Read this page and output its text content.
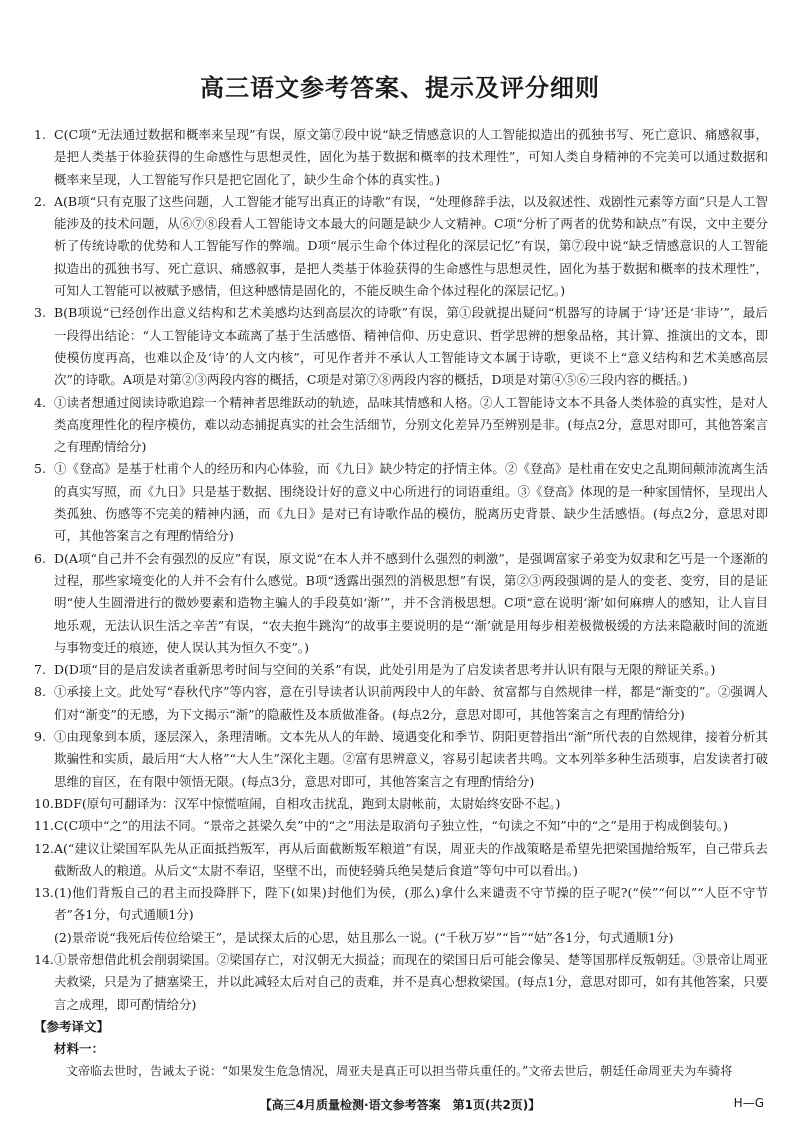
高三语文参考答案、提示及评分细则
1. C(C项“无法通过数据和概率来呈现”有误，原文第⑦段中说“缺乏情感意识的人工智能拟造出的孤独书写、死亡意识、痛感叙事，是把人类基于体验获得的生命感性与思想灵性，固化为基于数据和概率的技术理性”，可知人类自身精神的不完美可以通过数据和概率来呈现，人工智能写作只是把它固化了，缺少生命个体的真实性。)
2. A(B项“只有克服了这些问题，人工智能才能写出真正的诗歌”有误，“处理修辞手法，以及叙述性、戏剧性元素等方面”只是人工智能涉及的技术问题，从⑥⑦⑧段看人工智能诗文本最大的问题是缺少人文精神。C项“分析了两者的优势和缺点”有误，文中主要分析了传统诗歌的优势和人工智能写作的弊端。D项“展示生命个体过程化的深层记忆”有误，第⑦段中说“缺乏情感意识的人工智能拟造出的孤独书写、死亡意识、痛感叙事，是把人类基于体验获得的生命感性与思想灵性，固化为基于数据和概率的技术理性”，可知人工智能可以被赋予感情，但这种感情是固化的，不能反映生命个体过程化的深层记忆。)
3. B(B项说“已经创作出意义结构和艺术美感均达到高层次的诗歌”有误，第①段就提出疑问“机器写的诗属于‘诗’还是‘非诗’”，最后一段得出结论：“人工智能诗文本疏离了基于生活感悟、精神信仰、历史意识、哲学思辨的想象品格，其计算、推演出的文本，即使模仿度再高，也难以企及‘诗’的人文内核”，可见作者并不承认人工智能诗文本属于诗歌，更谈不上“意义结构和艺术美感高层次”的诗歌。A项是对第②③两段内容的概括，C项是对第⑦⑧两段内容的概括，D项是对第④⑤⑥三段内容的概括。)
4. ①读者想通过阅读诗歌追踪一个精神者思维跃动的轨迹，品味其情感和人格。②人工智能诗文本不具备人类体验的真实性，是对人类高度理性化的程序模仿，难以动态捕捉真实的社会生活细节，分别文化差异乃至辨别是非。(每点2分，意思对即可，其他答案言之有理酌情给分)
5. ①《登高》是基于杜甫个人的经历和内心体验，而《九日》缺少特定的抒情主体。②《登高》是杜甫在安史之乱期间颠沛流离生活的真实写照，而《九日》只是基于数据、围绕设计好的意义中心所进行的词语重组。③《登高》体现的是一种家国情怀，呈现出人类孤独、伤感等不完美的精神内涵，而《九日》是对已有诗歌作品的模仿，脱离历史背景、缺少生活感悟。(每点2分，意思对即可，其他答案言之有理酌情给分)
6. D(A项“自己并不会有强烈的反应”有误，原文说“在本人并不感到什么强烈的刺激”，是强调富家子弟变为奴隶和乞丐是一个逐渐的过程，那些家境变化的人并不会有什么感觉。B项“透露出强烈的消极思想”有误，第②③两段强调的是人的变老、变穷，目的是证明“使人生圆滑进行的微妙要素和造物主骗人的手段莫如‘渐’”，并不含消极思想。C项“意在说明‘渐’如何麻痹人的感知，让人盲目地乐观，无法认识生活之辛苦”有误，“农夫抱牛跳沟”的故事主要说明的是“‘渐’就是用每步相差极微极缓的方法来隐蔽时间的流逝与事物变迁的痕迹，使人误认其为恒久不变”。)
7. D(D项“目的是启发读者重新思考时间与空间的关系”有误，此处引用是为了启发读者思考并认识有限与无限的辩证关系。)
8. ①承接上文。此处写“春秋代序”等内容，意在引导读者认识前两段中人的年龄、贫富都与自然规律一样，都是“渐变的”。②强调人们对“渐变”的无感，为下文揭示“渐”的隐蔽性及本质做准备。(每点2分，意思对即可，其他答案言之有理酌情给分)
9. ①由现象到本质，逐层深入，条理清晰。文本先从人的年龄、境遇变化和季节、阴阳更替指出“渐”所代表的自然规律，接着分析其欺骗性和实质，最后用“大人格”“大人生”深化主题。②富有思辨意义，容易引起读者共鸣。文本列举多种生活琐事，启发读者打破思维的盲区，在有限中领悟无限。(每点3分，意思对即可，其他答案言之有理酌情给分)
10. BDF(原句可翻译为：汉军中惊慌喧闹，自相攻击扰乱，跑到太尉帐前，太尉始终安卧不起。)
11. C(C项中“之”的用法不同。“景帝之甚梁久矣”中的“之”用法是取消句子独立性，“句读之不知”中的“之”是用于构成倒装句。)
12. A(“建议让梁国军队先从正面抵挡叛军，再从后面截断叛军粮道”有误，周亚夫的作战策略是希望先把梁国抛给叛军，自己带兵去截断敌人的粮道。从后文“太尉不奉诏，坚壁不出，而使轻骑兵绝吴楚后食道”等句中可以看出。)
13. (1)他们背叛自己的君主而投降胖下，陛下(如果)封他们为侯，(那么)拿什么来谴责不守节操的臣子呢?(“侯”“何以”“人臣不守节者”各1分，句式通顺1分)
(2)景帝说“我死后传位给梁王”，是试探太后的心思，姑且那么一说。(“千秋万岁”“旨”“姑”各1分，句式通顺1分)
14. ①景帝想借此机会削弱梁国。②梁国存亡，对汉朝无大损益；而现在的梁国日后可能会像吴、楚等国那样反叛朝廷。③景帝让周亚夫救梁，只是为了搪塞梁王，并以此减轻太后对自己的责难，并不是真心想救梁国。(每点1分，意思对即可，如有其他答案，只要言之成理，即可酌情给分)
【参考译文】
材料一：
文帝临去世时，告诫太子说：“如果发生危急情况，周亚夫是真正可以担当带兵重任的。”文帝去世后，朝廷任命周亚夫为车骑将
【高三4月质量检测·语文参考答案　第1页(共2页)】	H—G
